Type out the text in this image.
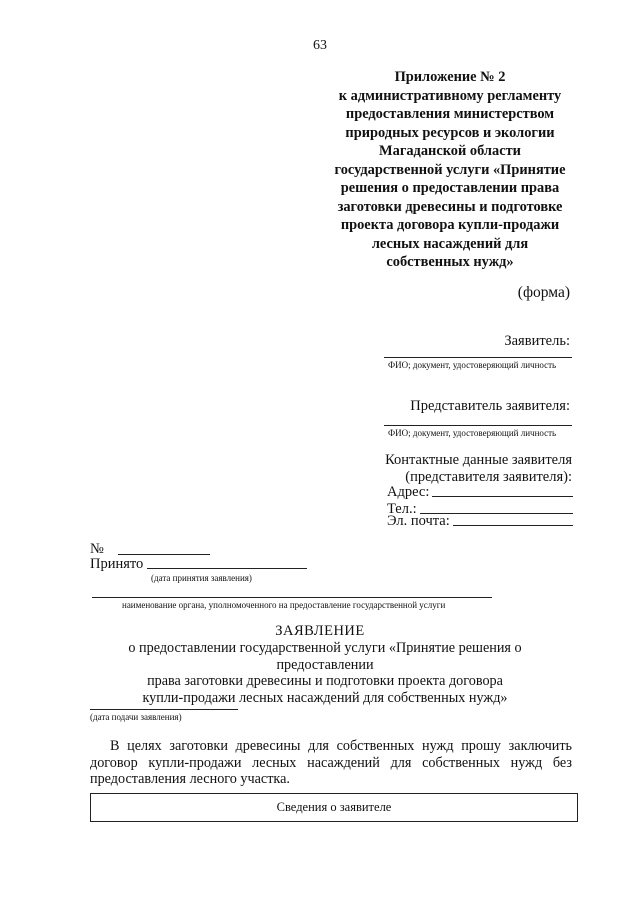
63
Приложение № 2
к административному регламенту
предоставления министерством
природных ресурсов и экологии
Магаданской области
государственной услуги «Принятие
решения о предоставлении права
заготовки древесины и подготовке
проекта договора купли-продажи
лесных насаждений для
собственных нужд»
(форма)
Заявитель:
ФИО; документ, удостоверяющий личность
Представитель заявителя:
ФИО; документ, удостоверяющий личность
Контактные данные заявителя
(представителя заявителя):
Адрес:
Тел.:
Эл. почта:
№
Принято
(дата принятия заявления)
наименование органа, уполномоченного на предоставление государственной услуги
ЗАЯВЛЕНИЕ
о предоставлении государственной услуги «Принятие решения о предоставлении
права заготовки древесины и подготовки проекта договора
купли-продажи лесных насаждений для собственных нужд»
(дата подачи заявления)
В целях заготовки древесины для собственных нужд прошу заключить договор купли-продажи лесных насаждений для собственных нужд без предоставления лесного участка.
Сведения о заявителе
